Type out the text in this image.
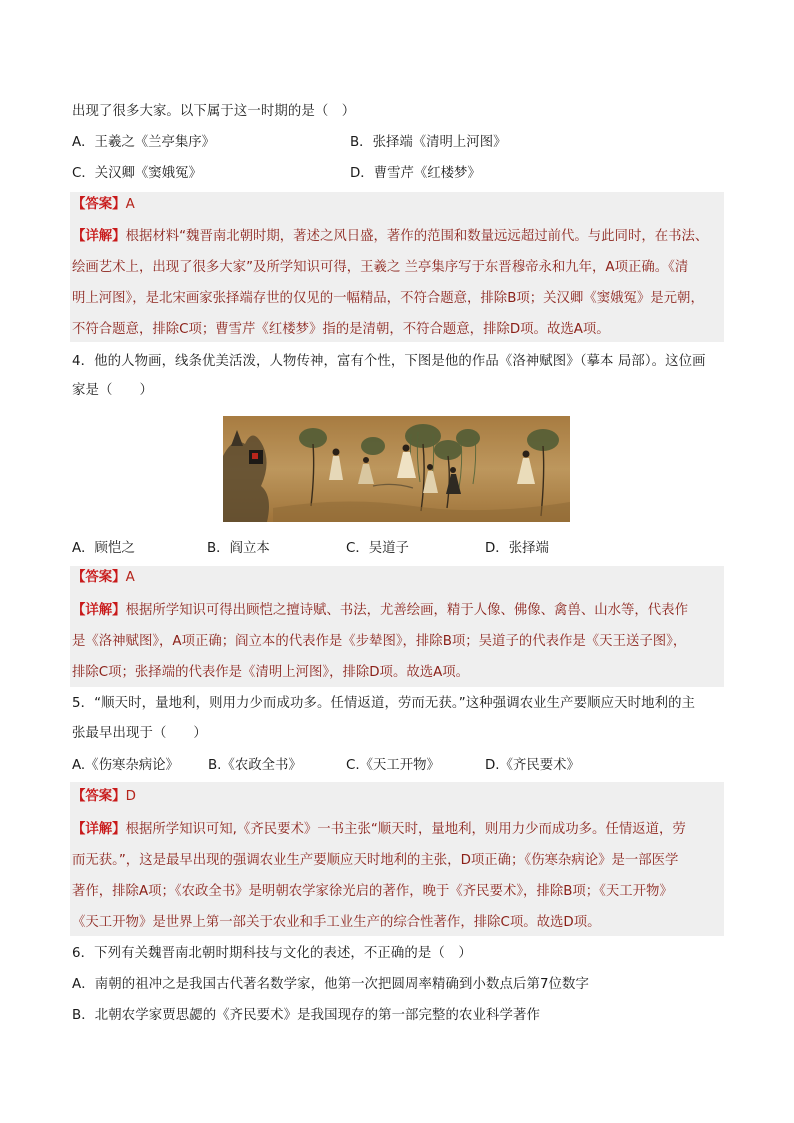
出现了很多大家。以下属于这一时期的是（　）
A．王羲之《兰亭集序》	B．张择端《清明上河图》
C．关汉卿《窦娥冤》	D．曹雪芹《红楼梦》
【答案】A
【详解】根据材料“魏晋南北朝时期，著述之风日盛，著作的范围和数量远远超过前代。与此同时，在书法、
绘画艺术上，出现了很多大家”及所学知识可得，王羲之 兰亭集序写于东晋穆帝永和九年，A项正确。《清
明上河图》，是北宋画家张择端存世的仅见的一幅精品，不符合题意，排除B项；关汉卿《窦娥冤》是元朝，
不符合题意，排除C项；曹雪芹《红楼梦》指的是清朝，不符合题意，排除D项。故选A项。
4．他的人物画，线条优美活泼，人物传神，富有个性，下图是他的作品《洛神赋图》（摹本 局部）。这位画
家是（　　）
A．顾恺之	B．阎立本	C．吴道子	D．张择端
【答案】A
【详解】根据所学知识可得出顾恺之擅诗赋、书法，尤善绘画，精于人像、佛像、禽兽、山水等，代表作
是《洛神赋图》，A项正确；阎立本的代表作是《步辇图》，排除B项；吴道子的代表作是《天王送子图》，
排除C项；张择端的代表作是《清明上河图》，排除D项。故选A项。
5．“顺天时，量地利，则用力少而成功多。任情返道，劳而无获。”这种强调农业生产要顺应天时地利的主
张最早出现于（　　）
A.《伤寒杂病论》 B.《农政全书》	C.《天工开物》	D.《齐民要术》
【答案】D
【详解】根据所学知识可知,《齐民要术》一书主张“顺天时，量地利，则用力少而成功多。任情返道，劳
而无获。”，这是最早出现的强调农业生产要顺应天时地利的主张，D项正确；《伤寒杂病论》是一部医学
著作，排除A项；《农政全书》是明朝农学家徐光启的著作，晚于《齐民要术》，排除B项；《天工开物》
《天工开物》是世界上第一部关于农业和手工业生产的综合性著作，排除C项。故选D项。
6．下列有关魏晋南北朝时期科技与文化的表述，不正确的是（　）
A．南朝的祖冲之是我国古代著名数学家，他第一次把圆周率精确到小数点后第7位数字
B．北朝农学家贾思勰的《齐民要术》是我国现存的第一部完整的农业科学著作
